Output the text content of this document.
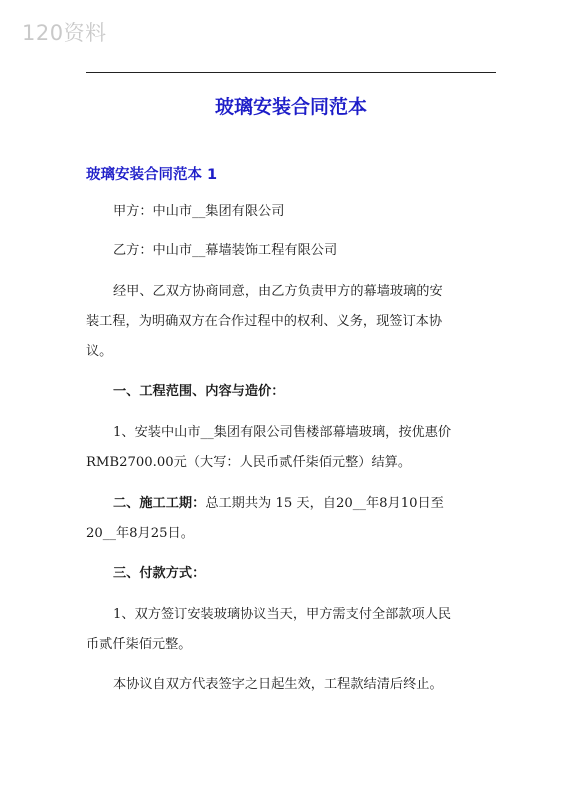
120资料
玻璃安装合同范本
玻璃安装合同范本 1
甲方：中山市__集团有限公司
乙方：中山市__幕墙装饰工程有限公司
经甲、乙双方协商同意，由乙方负责甲方的幕墙玻璃的安
装工程，为明确双方在合作过程中的权利、义务，现签订本协
议。
一、工程范围、内容与造价：
1、安装中山市__集团有限公司售楼部幕墙玻璃，按优惠价
RMB2700.00元（大写：人民币贰仟柒佰元整）结算。
二、施工工期：总工期共为 15 天，自20__年8月10日至
20__年8月25日。
三、付款方式：
1、双方签订安装玻璃协议当天，甲方需支付全部款项人民
币贰仟柒佰元整。
本协议自双方代表签字之日起生效，工程款结清后终止。
